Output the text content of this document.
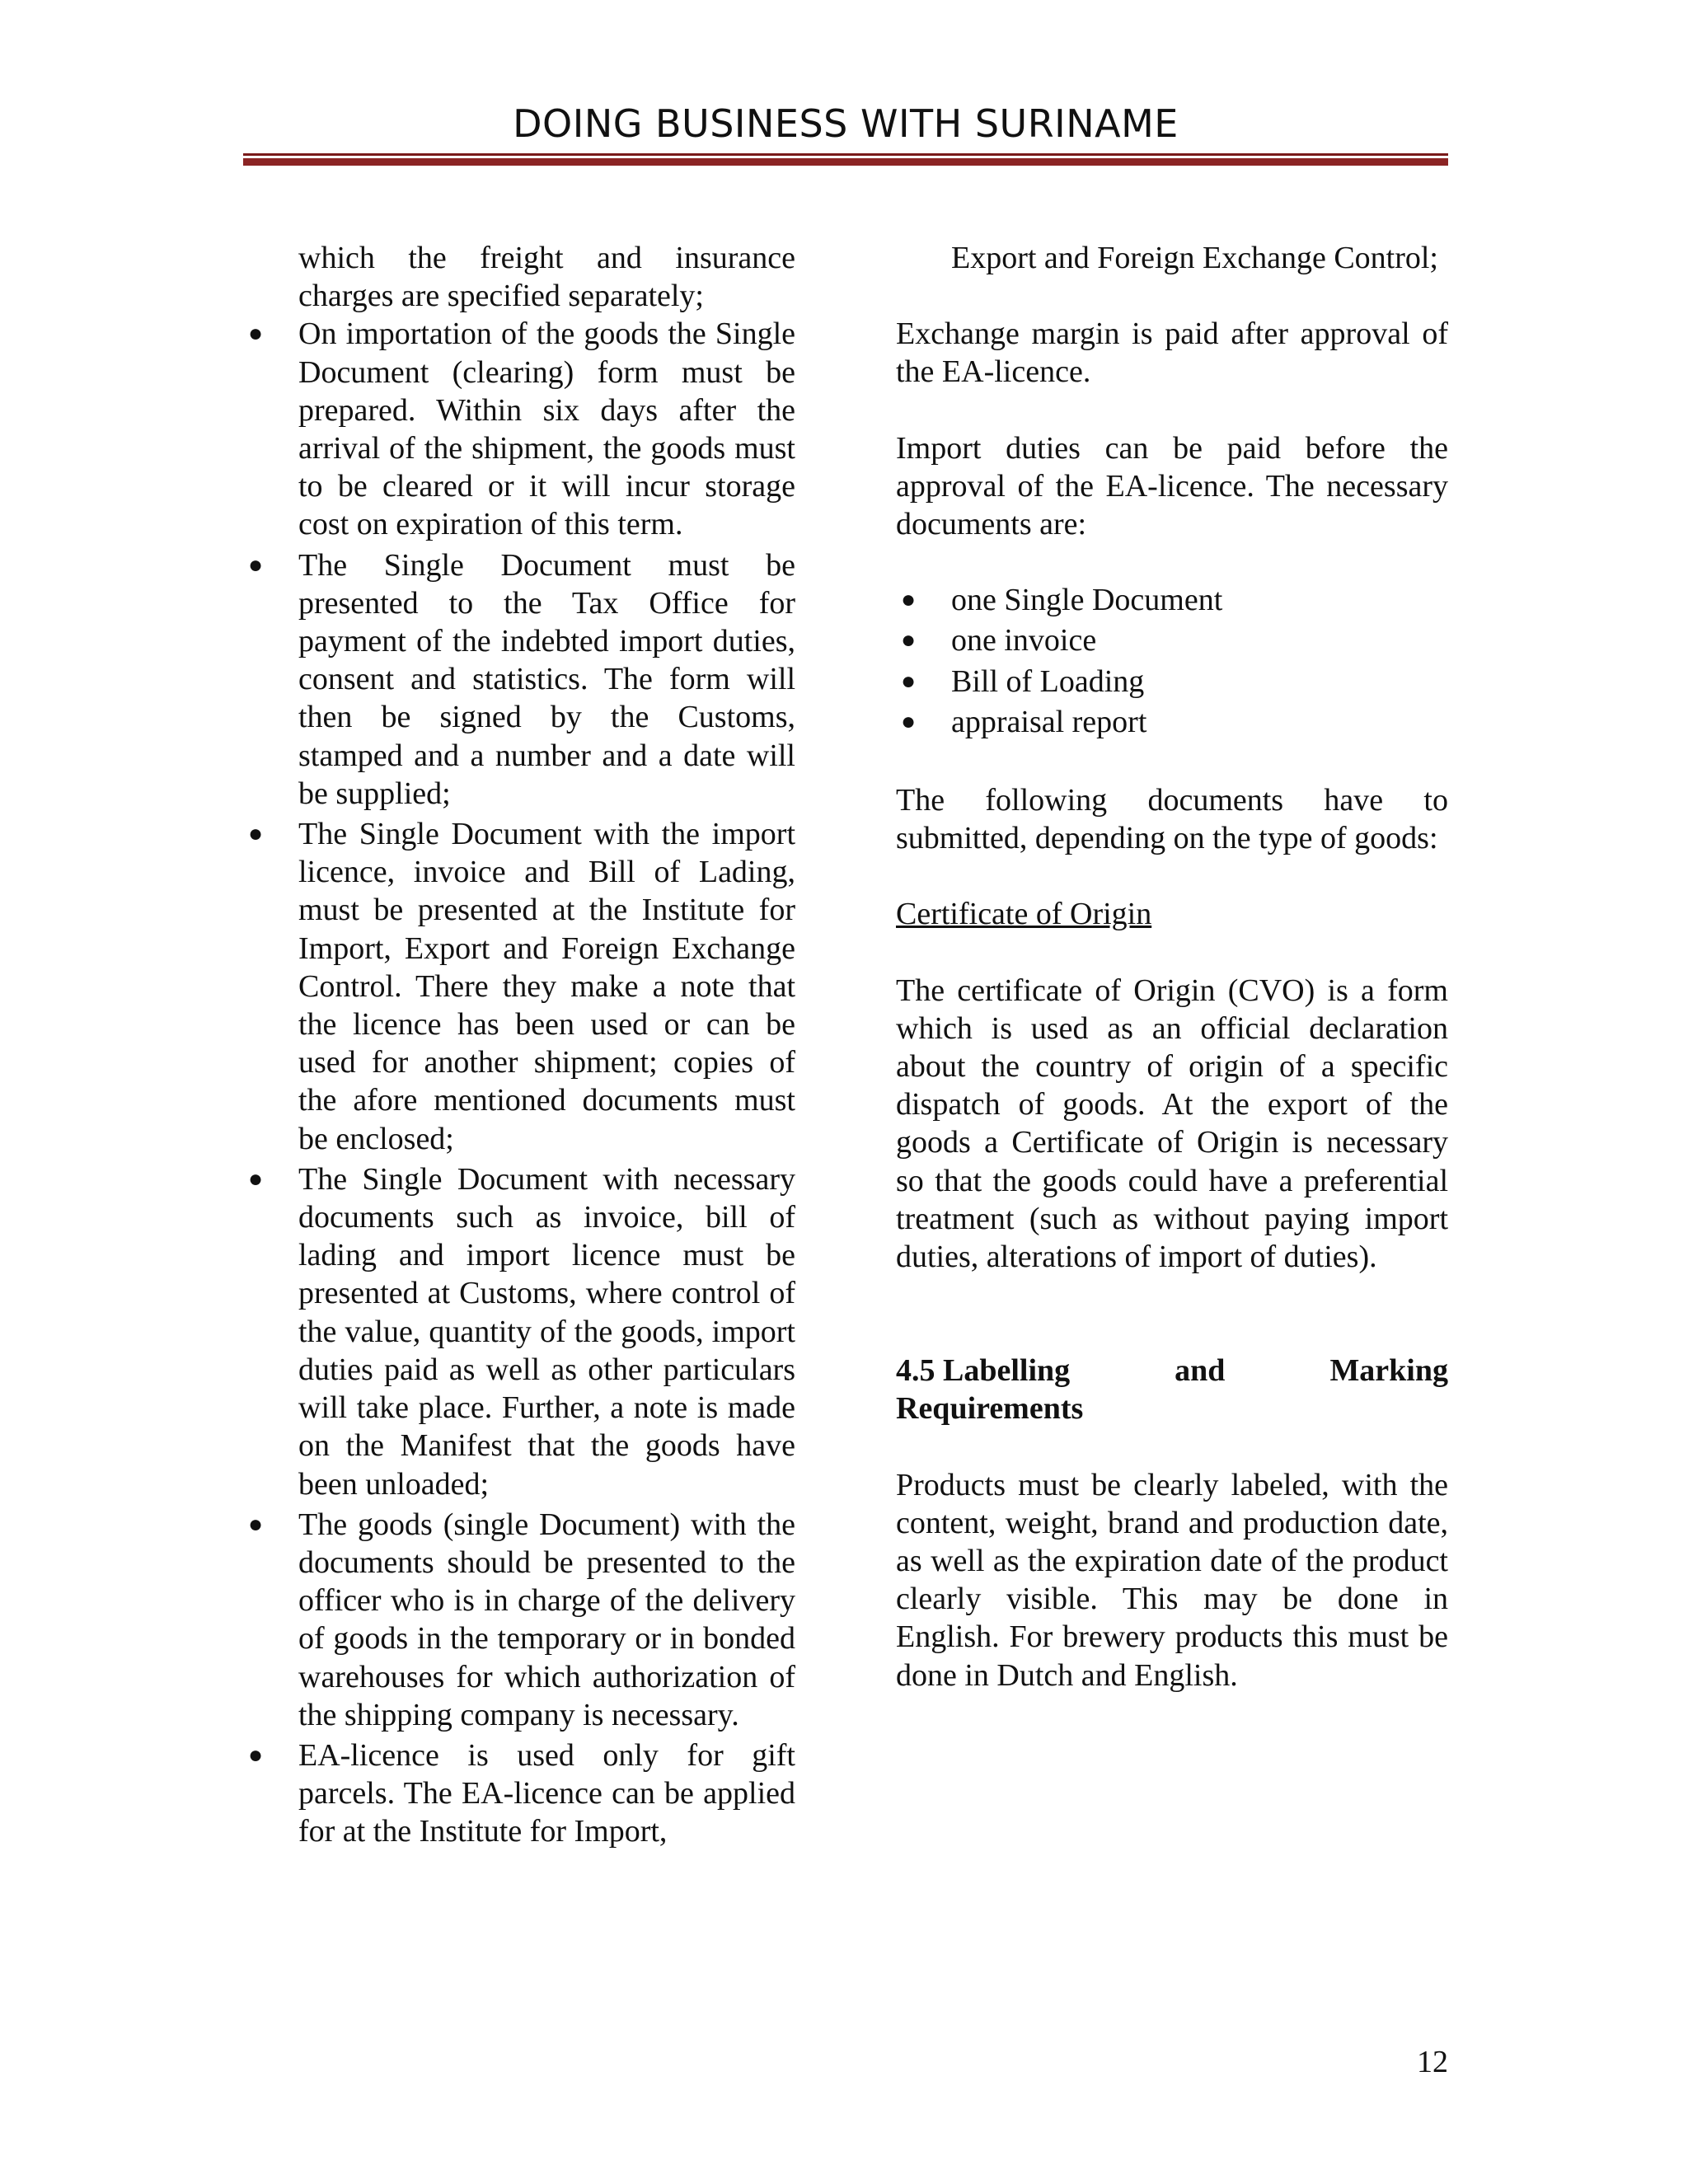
DOING BUSINESS WITH SURINAME

which the freight and insurance charges are specified separately;

● On importation of the goods the Single Document (clearing) form must be prepared. Within six days after the arrival of the shipment, the goods must to be cleared or it will incur storage cost on expiration of this term.
● The Single Document must be presented to the Tax Office for payment of the indebted import duties, consent and statistics. The form will then be signed by the Customs, stamped and a number and a date will be supplied;
● The Single Document with the import licence, invoice and Bill of Lading, must be presented at the Institute for Import, Export and Foreign Exchange Control. There they make a note that the licence has been used or can be used for another shipment; copies of the afore mentioned documents must be enclosed;
● The Single Document with necessary documents such as invoice, bill of lading and import licence must be presented at Customs, where control of the value, quantity of the goods, import duties paid as well as other particulars will take place. Further, a note is made on the Manifest that the goods have been unloaded;
● The goods (single Document) with the documents should be presented to the officer who is in charge of the delivery of goods in the temporary or in bonded warehouses for which authorization of the shipping company is necessary.
● EA-licence is used only for gift parcels. The EA-licence can be applied for at the Institute for Import,

Export and Foreign Exchange Control;

Exchange margin is paid after approval of the EA-licence.

Import duties can be paid before the approval of the EA-licence. The necessary documents are:

● one Single Document
● one invoice
● Bill of Loading
● appraisal report

The following documents have to submitted, depending on the type of goods:

Certificate of Origin

The certificate of Origin (CVO) is a form which is used as an official declaration about the country of origin of a specific dispatch of goods. At the export of the goods a Certificate of Origin is necessary so that the goods could have a preferential treatment (such as without paying import duties, alterations of import of duties).

4.5 Labelling	and	Marking
Requirements

Products must be clearly labeled, with the content, weight, brand and production date, as well as the expiration date of the product clearly visible. This may be done in English. For brewery products this must be done in Dutch and English.

12
